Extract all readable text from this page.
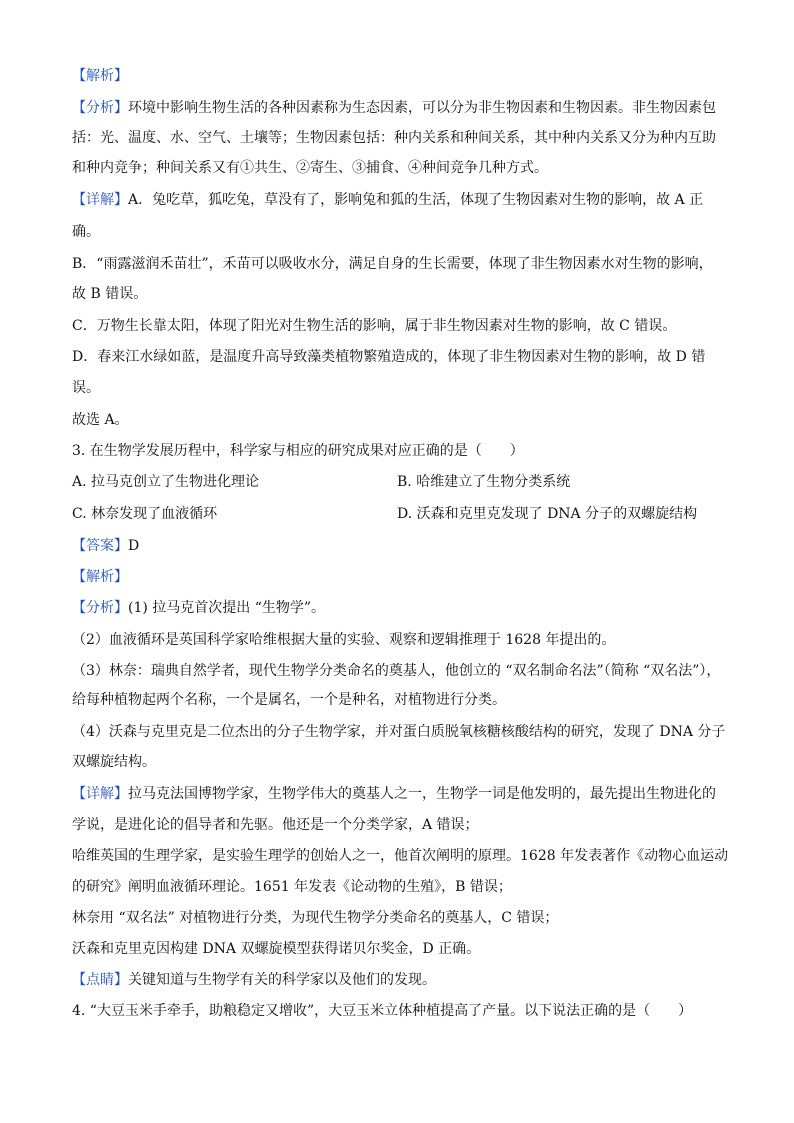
【解析】
【分析】环境中影响生物生活的各种因素称为生态因素，可以分为非生物因素和生物因素。非生物因素包
括：光、温度、水、空气、土壤等；生物因素包括：种内关系和种间关系，其中种内关系又分为种内互助
和种内竞争；种间关系又有①共生、②寄生、③捕食、④种间竞争几种方式。
【详解】A．兔吃草，狐吃兔，草没有了，影响兔和狐的生活，体现了生物因素对生物的影响，故 A 正
确。
B．“雨露滋润禾苗壮”，禾苗可以吸收水分，满足自身的生长需要，体现了非生物因素水对生物的影响，
故 B 错误。
C．万物生长靠太阳，体现了阳光对生物生活的影响，属于非生物因素对生物的影响，故 C 错误。
D．春来江水绿如蓝，是温度升高导致藻类植物繁殖造成的，体现了非生物因素对生物的影响，故 D 错
误。
故选 A。
3. 在生物学发展历程中，科学家与相应的研究成果对应正确的是（　　）
A. 拉马克创立了生物进化理论	B. 哈维建立了生物分类系统
C. 林奈发现了血液循环	D. 沃森和克里克发现了 DNA 分子的双螺旋结构
【答案】D
【解析】
【分析】(1) 拉马克首次提出 “生物学”。
（2）血液循环是英国科学家哈维根据大量的实验、观察和逻辑推理于 1628 年提出的。
（3）林奈：瑞典自然学者，现代生物学分类命名的奠基人，他创立的 “双名制命名法”（简称 “双名法”），
给每种植物起两个名称，一个是属名，一个是种名，对植物进行分类。
（4）沃森与克里克是二位杰出的分子生物学家，并对蛋白质脱氧核糖核酸结构的研究，发现了 DNA 分子
双螺旋结构。
【详解】拉马克法国博物学家，生物学伟大的奠基人之一，生物学一词是他发明的，最先提出生物进化的
学说，是进化论的倡导者和先驱。他还是一个分类学家，A 错误；
哈维英国的生理学家，是实验生理学的创始人之一，他首次阐明的原理。1628 年发表著作《动物心血运动
的研究》阐明血液循环理论。1651 年发表《论动物的生殖》，B 错误；
林奈用 “双名法” 对植物进行分类，为现代生物学分类命名的奠基人，C 错误；
沃森和克里克因构建 DNA 双螺旋模型获得诺贝尔奖金，D 正确。
【点睛】关键知道与生物学有关的科学家以及他们的发现。
4. “大豆玉米手牵手，助粮稳定又增收”，大豆玉米立体种植提高了产量。以下说法正确的是（　　）
